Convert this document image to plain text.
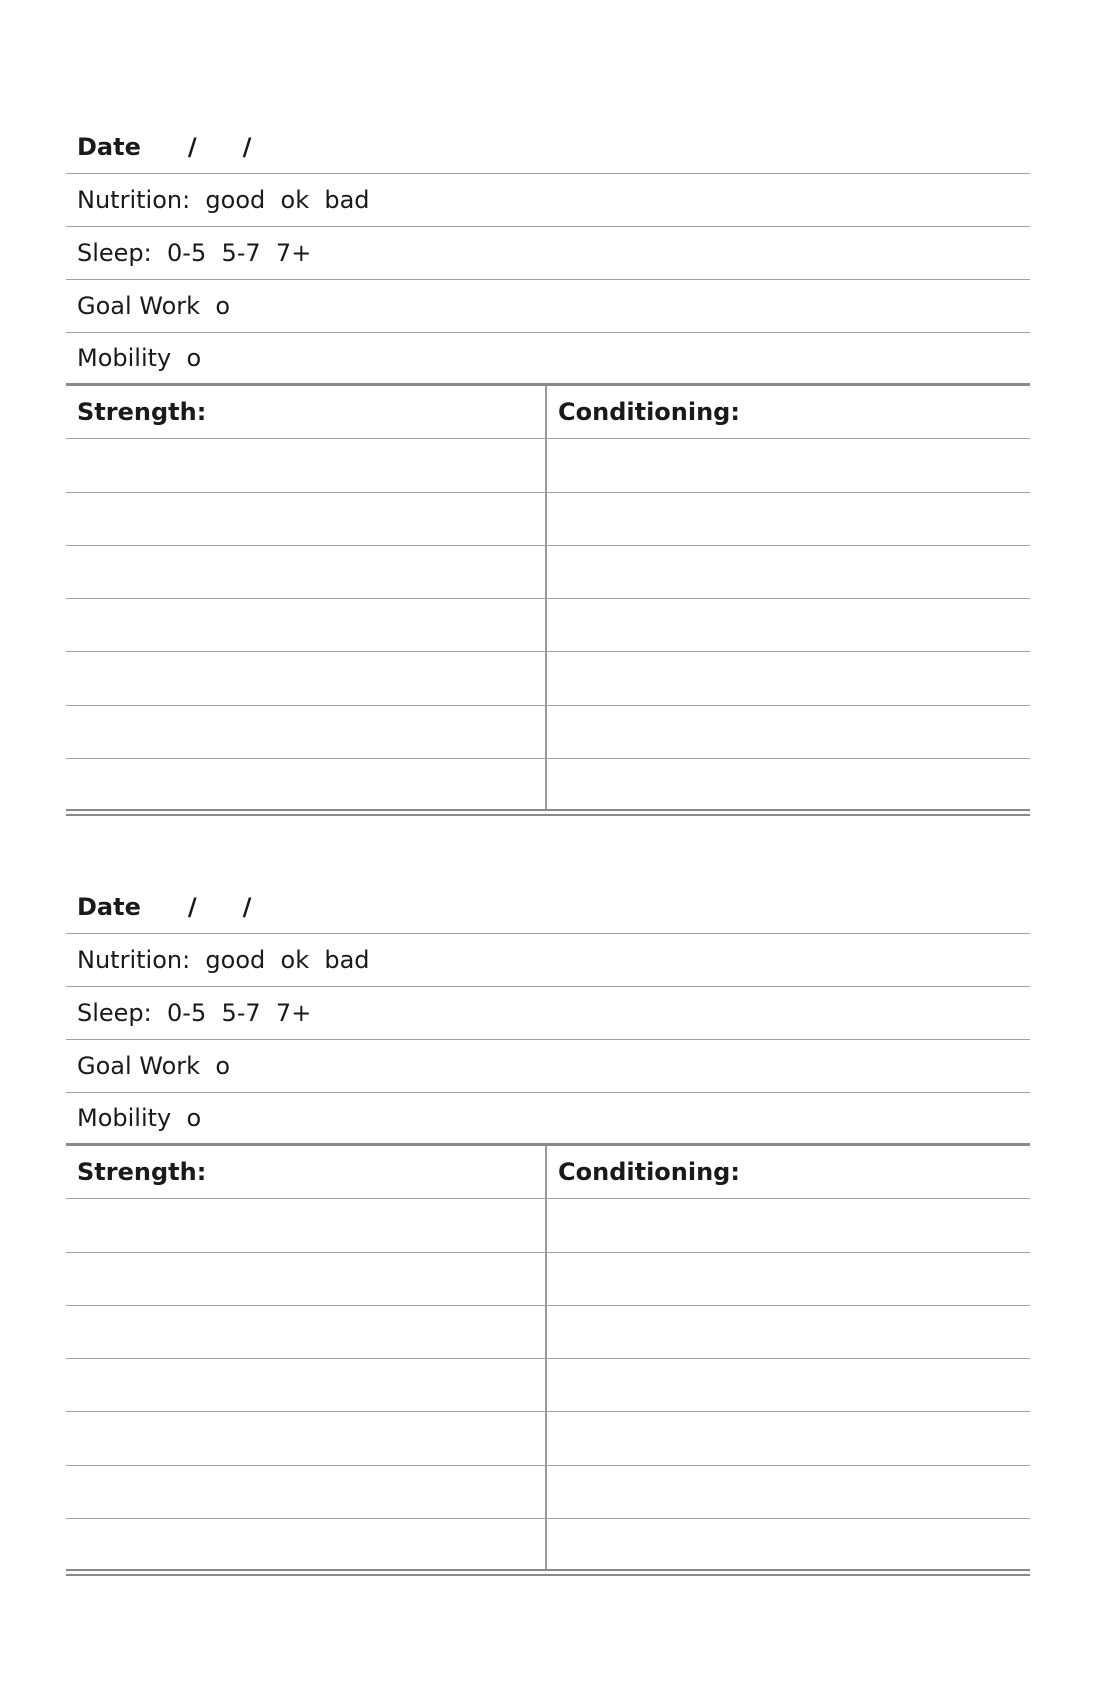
Date / /
Nutrition:  good  ok  bad
Sleep:  0-5  5-7  7+
Goal Work  o
Mobility  o
Strength:	Conditioning:
Date / /
Nutrition:  good  ok  bad
Sleep:  0-5  5-7  7+
Goal Work  o
Mobility  o
Strength:	Conditioning:
